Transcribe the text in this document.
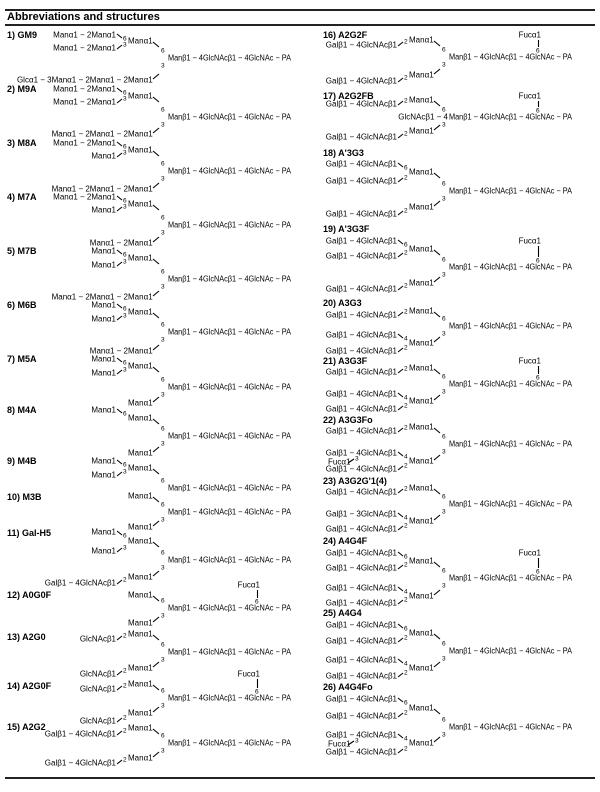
Abbreviations and structures
1) GM9
Manβ1 − 4GlcNAcβ1 − 4GlcNAc − PA
Manα1
6
Manα1 − 2Manα1 6
Manα1 − 2Manα1 3
Manα1
Glcα1 − 3Manα1 − 2Manα1 − 2
3
2) M9A
Manβ1 − 4GlcNAcβ1 − 4GlcNAc − PA
Manα1
6
Manα1 − 2Manα1 6
Manα1 − 2Manα1 3
Manα1
Manα1 − 2Manα1 − 2
3
3) M8A
Manβ1 − 4GlcNAcβ1 − 4GlcNAc − PA
Manα1
6
Manα1 − 2Manα1 6
Manα1 3
Manα1
Manα1 − 2Manα1 − 2
3
4) M7A
Manβ1 − 4GlcNAcβ1 − 4GlcNAc − PA
Manα1
6
Manα1 − 2Manα1 6
Manα1 3
Manα1
Manα1 − 2
3
5) M7B
Manβ1 − 4GlcNAcβ1 − 4GlcNAc − PA
Manα1
6
Manα1 6
Manα1 3
Manα1
Manα1 − 2Manα1 − 2
3
6) M6B
Manβ1 − 4GlcNAcβ1 − 4GlcNAc − PA
Manα1
6
Manα1 6
Manα1 3
Manα1
Manα1 − 2
3
7) M5A
Manβ1 − 4GlcNAcβ1 − 4GlcNAc − PA
Manα1
6
Manα1 6
Manα1 3
Manα1
3
8) M4A
Manβ1 − 4GlcNAcβ1 − 4GlcNAc − PA
Manα1
6
Manα1 6
Manα1
3
9) M4B
Manβ1 − 4GlcNAcβ1 − 4GlcNAc − PA
Manα1
6
Manα1 6
Manα1 3
10) M3B
Manβ1 − 4GlcNAcβ1 − 4GlcNAc − PA
Manα1
6
Manα1
3
11) Gal-H5
Manβ1 − 4GlcNAcβ1 − 4GlcNAc − PA
Manα1
6
Manα1 6
Manα1 3
Manα1
3
Galβ1 − 4GlcNAcβ1 2
12) A0G0F
Manβ1 − 4GlcNAcβ1 − 4GlcNAc − PA
Manα1
6
Manα1
3
Fucα1
6
13) A2G0
Manβ1 − 4GlcNAcβ1 − 4GlcNAc − PA
Manα1
6
GlcNAcβ1 2
Manα1
3
GlcNAcβ1 2
14) A2G0F
Manβ1 − 4GlcNAcβ1 − 4GlcNAc − PA
Manα1
6
GlcNAcβ1 2
Manα1
3
GlcNAcβ1 2
Fucα1
6
15) A2G2
Manβ1 − 4GlcNAcβ1 − 4GlcNAc − PA
Manα1
6
Galβ1 − 4GlcNAcβ1 2
Manα1
3
Galβ1 − 4GlcNAcβ1 2
16) A2G2F
Manβ1 − 4GlcNAcβ1 − 4GlcNAc − PA
Manα1
6
Galβ1 − 4GlcNAcβ1 2
Manα1
3
Galβ1 − 4GlcNAcβ1 2
Fucα1
6
17) A2G2FB
Manβ1 − 4GlcNAcβ1 − 4GlcNAc − PA
GlcNAcβ1 − 4
Manα1
6
Galβ1 − 4GlcNAcβ1 2
Manα1
3
Galβ1 − 4GlcNAcβ1 2
Fucα1
6
18) A'3G3
Manβ1 − 4GlcNAcβ1 − 4GlcNAc − PA
Manα1
6
Galβ1 − 4GlcNAcβ1 6
Galβ1 − 4GlcNAcβ1 2
Manα1
3
Galβ1 − 4GlcNAcβ1 2
19) A'3G3F
Manβ1 − 4GlcNAcβ1 − 4GlcNAc − PA
Manα1
6
Galβ1 − 4GlcNAcβ1 6
Galβ1 − 4GlcNAcβ1 2
Manα1
3
Galβ1 − 4GlcNAcβ1 2
Fucα1
6
20) A3G3
Manβ1 − 4GlcNAcβ1 − 4GlcNAc − PA
Manα1
6
Galβ1 − 4GlcNAcβ1 2
Manα1
3
Galβ1 − 4GlcNAcβ1 4
Galβ1 − 4GlcNAcβ1 2
21) A3G3F
Manβ1 − 4GlcNAcβ1 − 4GlcNAc − PA
Manα1
6
Galβ1 − 4GlcNAcβ1 2
Manα1
3
Galβ1 − 4GlcNAcβ1 4
Galβ1 − 4GlcNAcβ1 2
Fucα1
6
22) A3G3Fo
Manβ1 − 4GlcNAcβ1 − 4GlcNAc − PA
Manα1
6
Galβ1 − 4GlcNAcβ1 2
Manα1
3
Galβ1 − 4GlcNAcβ1 4
Fucα1 3
Galβ1 − 4GlcNAcβ1 2
23) A3G2G'1(4)
Manβ1 − 4GlcNAcβ1 − 4GlcNAc − PA
Manα1
6
Galβ1 − 4GlcNAcβ1 2
Manα1
3
Galβ1 − 3GlcNAcβ1 4
Galβ1 − 4GlcNAcβ1 2
24) A4G4F
Manβ1 − 4GlcNAcβ1 − 4GlcNAc − PA
Manα1
6
Galβ1 − 4GlcNAcβ1 6
Galβ1 − 4GlcNAcβ1 2
Manα1
3
Galβ1 − 4GlcNAcβ1 4
Galβ1 − 4GlcNAcβ1 2
Fucα1
6
25) A4G4
Manβ1 − 4GlcNAcβ1 − 4GlcNAc − PA
Manα1
6
Galβ1 − 4GlcNAcβ1 6
Galβ1 − 4GlcNAcβ1 2
Manα1
3
Galβ1 − 4GlcNAcβ1 4
Galβ1 − 4GlcNAcβ1 2
26) A4G4Fo
Manβ1 − 4GlcNAcβ1 − 4GlcNAc − PA
Manα1
6
Galβ1 − 4GlcNAcβ1 6
Galβ1 − 4GlcNAcβ1 2
Manα1
3
Galβ1 − 4GlcNAcβ1 4
Fucα1 3
Galβ1 − 4GlcNAcβ1 2
